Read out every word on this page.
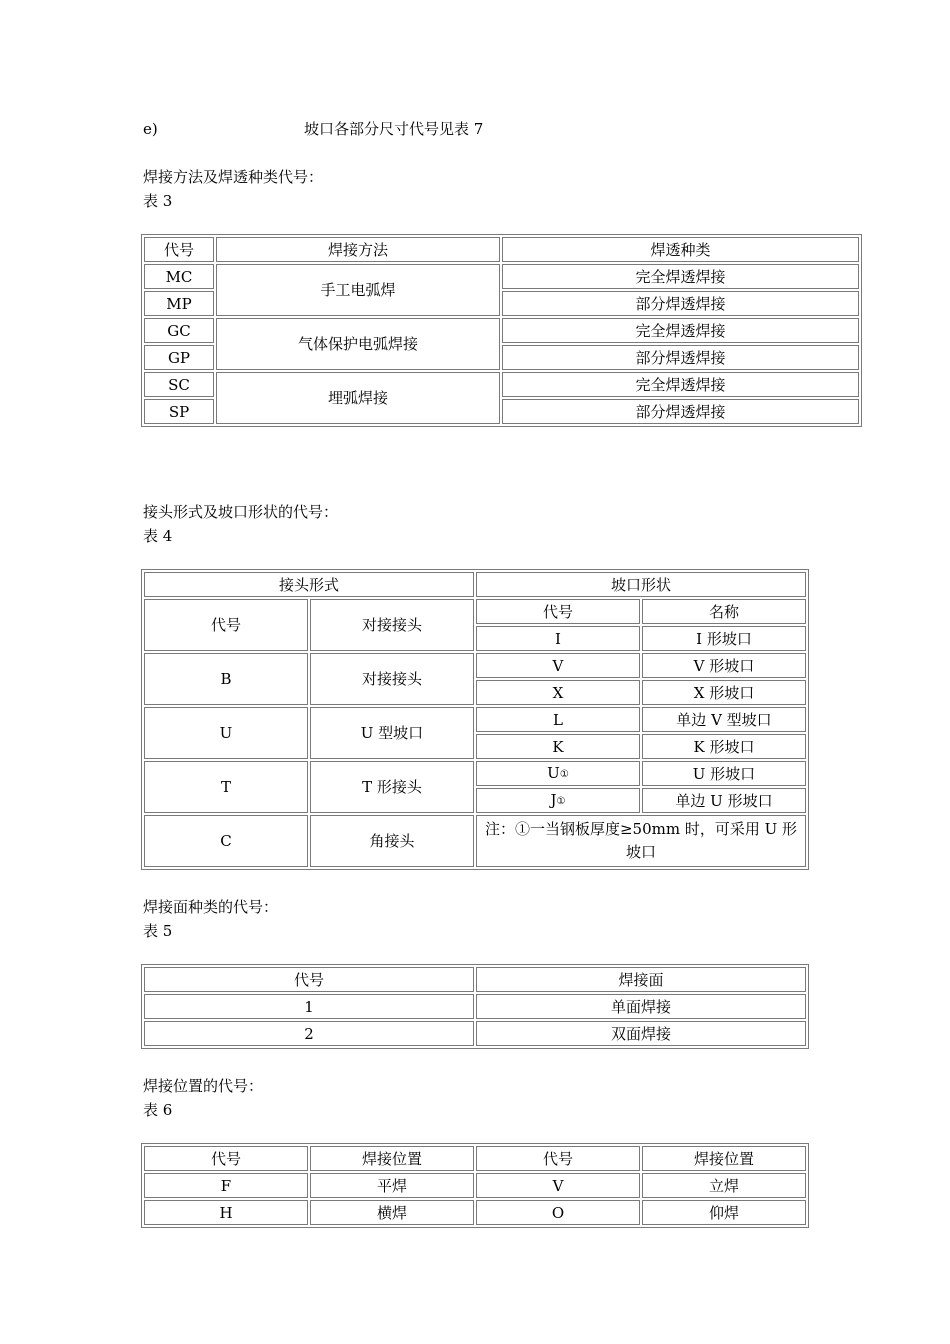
e)	坡口各部分尺寸代号见表 7
焊接方法及焊透种类代号：
表 3
代号	焊接方法	焊透种类
MC	手工电弧焊	完全焊透焊接
MP		部分焊透焊接
GC	气体保护电弧焊接	完全焊透焊接
GP		部分焊透焊接
SC	埋弧焊接	完全焊透焊接
SP		部分焊透焊接
接头形式及坡口形状的代号：
表 4
接头形式		坡口形状	
代号	对接接头	代号	名称
		I	I 形坡口
B	对接接头	V	V 形坡口
		X	X 形坡口
U	U 型坡口	L	单边 V 型坡口
		K	K 形坡口
T	T 形接头	U①	U 形坡口
		J①	单边 U 形坡口
C	角接头	注：①一当钢板厚度≥50mm 时，可采用 U 形坡口	
焊接面种类的代号：
表 5
代号	焊接面
1	单面焊接
2	双面焊接
焊接位置的代号：
表 6
代号	焊接位置	代号	焊接位置
F	平焊	V	立焊
H	横焊	O	仰焊
